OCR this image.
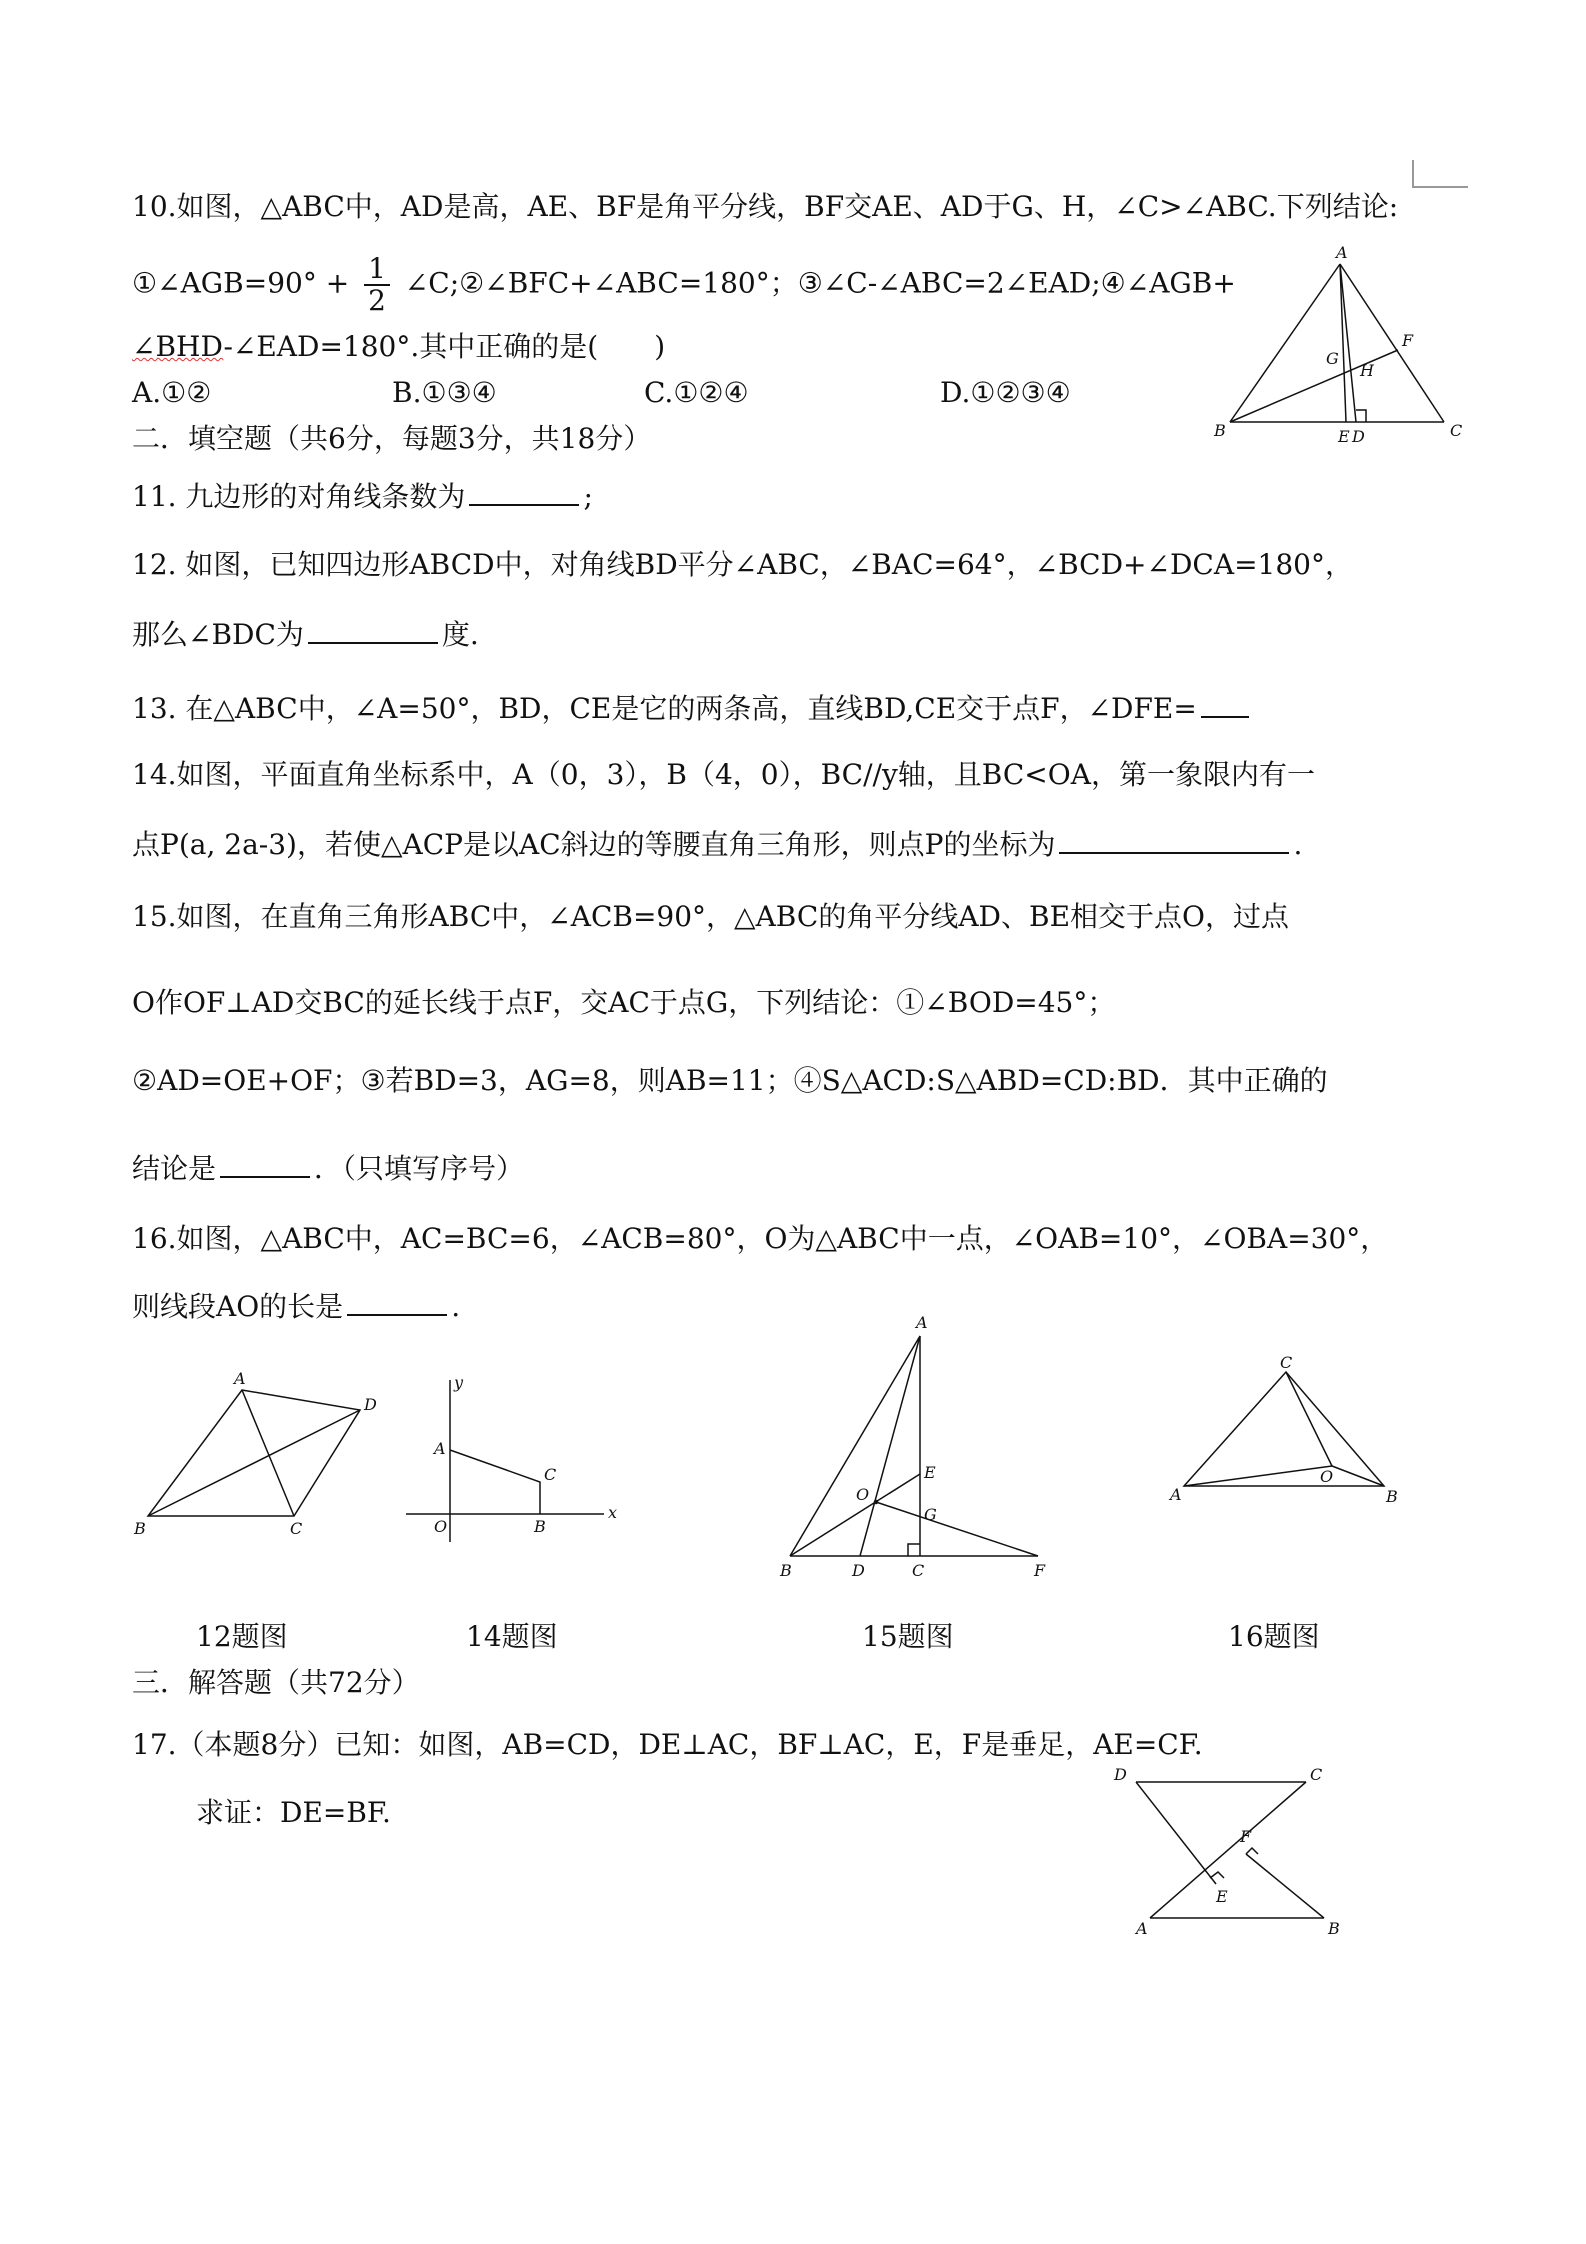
10.如图，△ABC中，AD是高，AE、BF是角平分线，BF交AE、AD于G、H，∠C>∠ABC.下列结论:
①∠AGB=90° + $\frac{1}{2}$ ∠C;②∠BFC+∠ABC=180°；③∠C-∠ABC=2∠EAD;④∠AGB+
∠BHD-∠EAD=180°.其中正确的是(　　)
A.①②	B.①③④	C.①②④	D.①②③④
A
B	C
E D
F
G
H
二．填空题（共6分，每题3分，共18分）
11. 九边形的对角线条数为	;
12. 如图，已知四边形ABCD中，对角线BD平分∠ABC，∠BAC=64°，∠BCD+∠DCA=180°，
那么∠BDC为	度.
13. 在△ABC中，∠A=50°，BD，CE是它的两条高，直线BD,CE交于点F，∠DFE=
14.如图，平面直角坐标系中，A（0，3），B（4，0），BC//y轴，且BC<OA，第一象限内有一
点P(a, 2a-3)，若使△ACP是以AC斜边的等腰直角三角形，则点P的坐标为	.
15.如图，在直角三角形ABC中，∠ACB=90°，△ABC的角平分线AD、BE相交于点O，过点
O作OF⊥AD交BC的延长线于点F，交AC于点G，下列结论：①∠BOD=45°；
②AD=OE+OF；③若BD=3，AG=8，则AB=11；④S△ACD:S△ABD=CD:BD．其中正确的
结论是	．（只填写序号）
16.如图，△ABC中，AC=BC=6，∠ACB=80°，O为△ABC中一点，∠OAB=10°，∠OBA=30°，
则线段AO的长是	.
A
B	C
D
y
A
C
O	B
x
A
B	D	C	F
E
O
G
C
A	B
O
12题图	14题图	15题图	16题图
三．解答题（共72分）
17.（本题8分）已知：如图，AB=CD，DE⊥AC，BF⊥AC，E，F是垂足，AE=CF.
求证：DE=BF.
D	C
F
E
A	B
